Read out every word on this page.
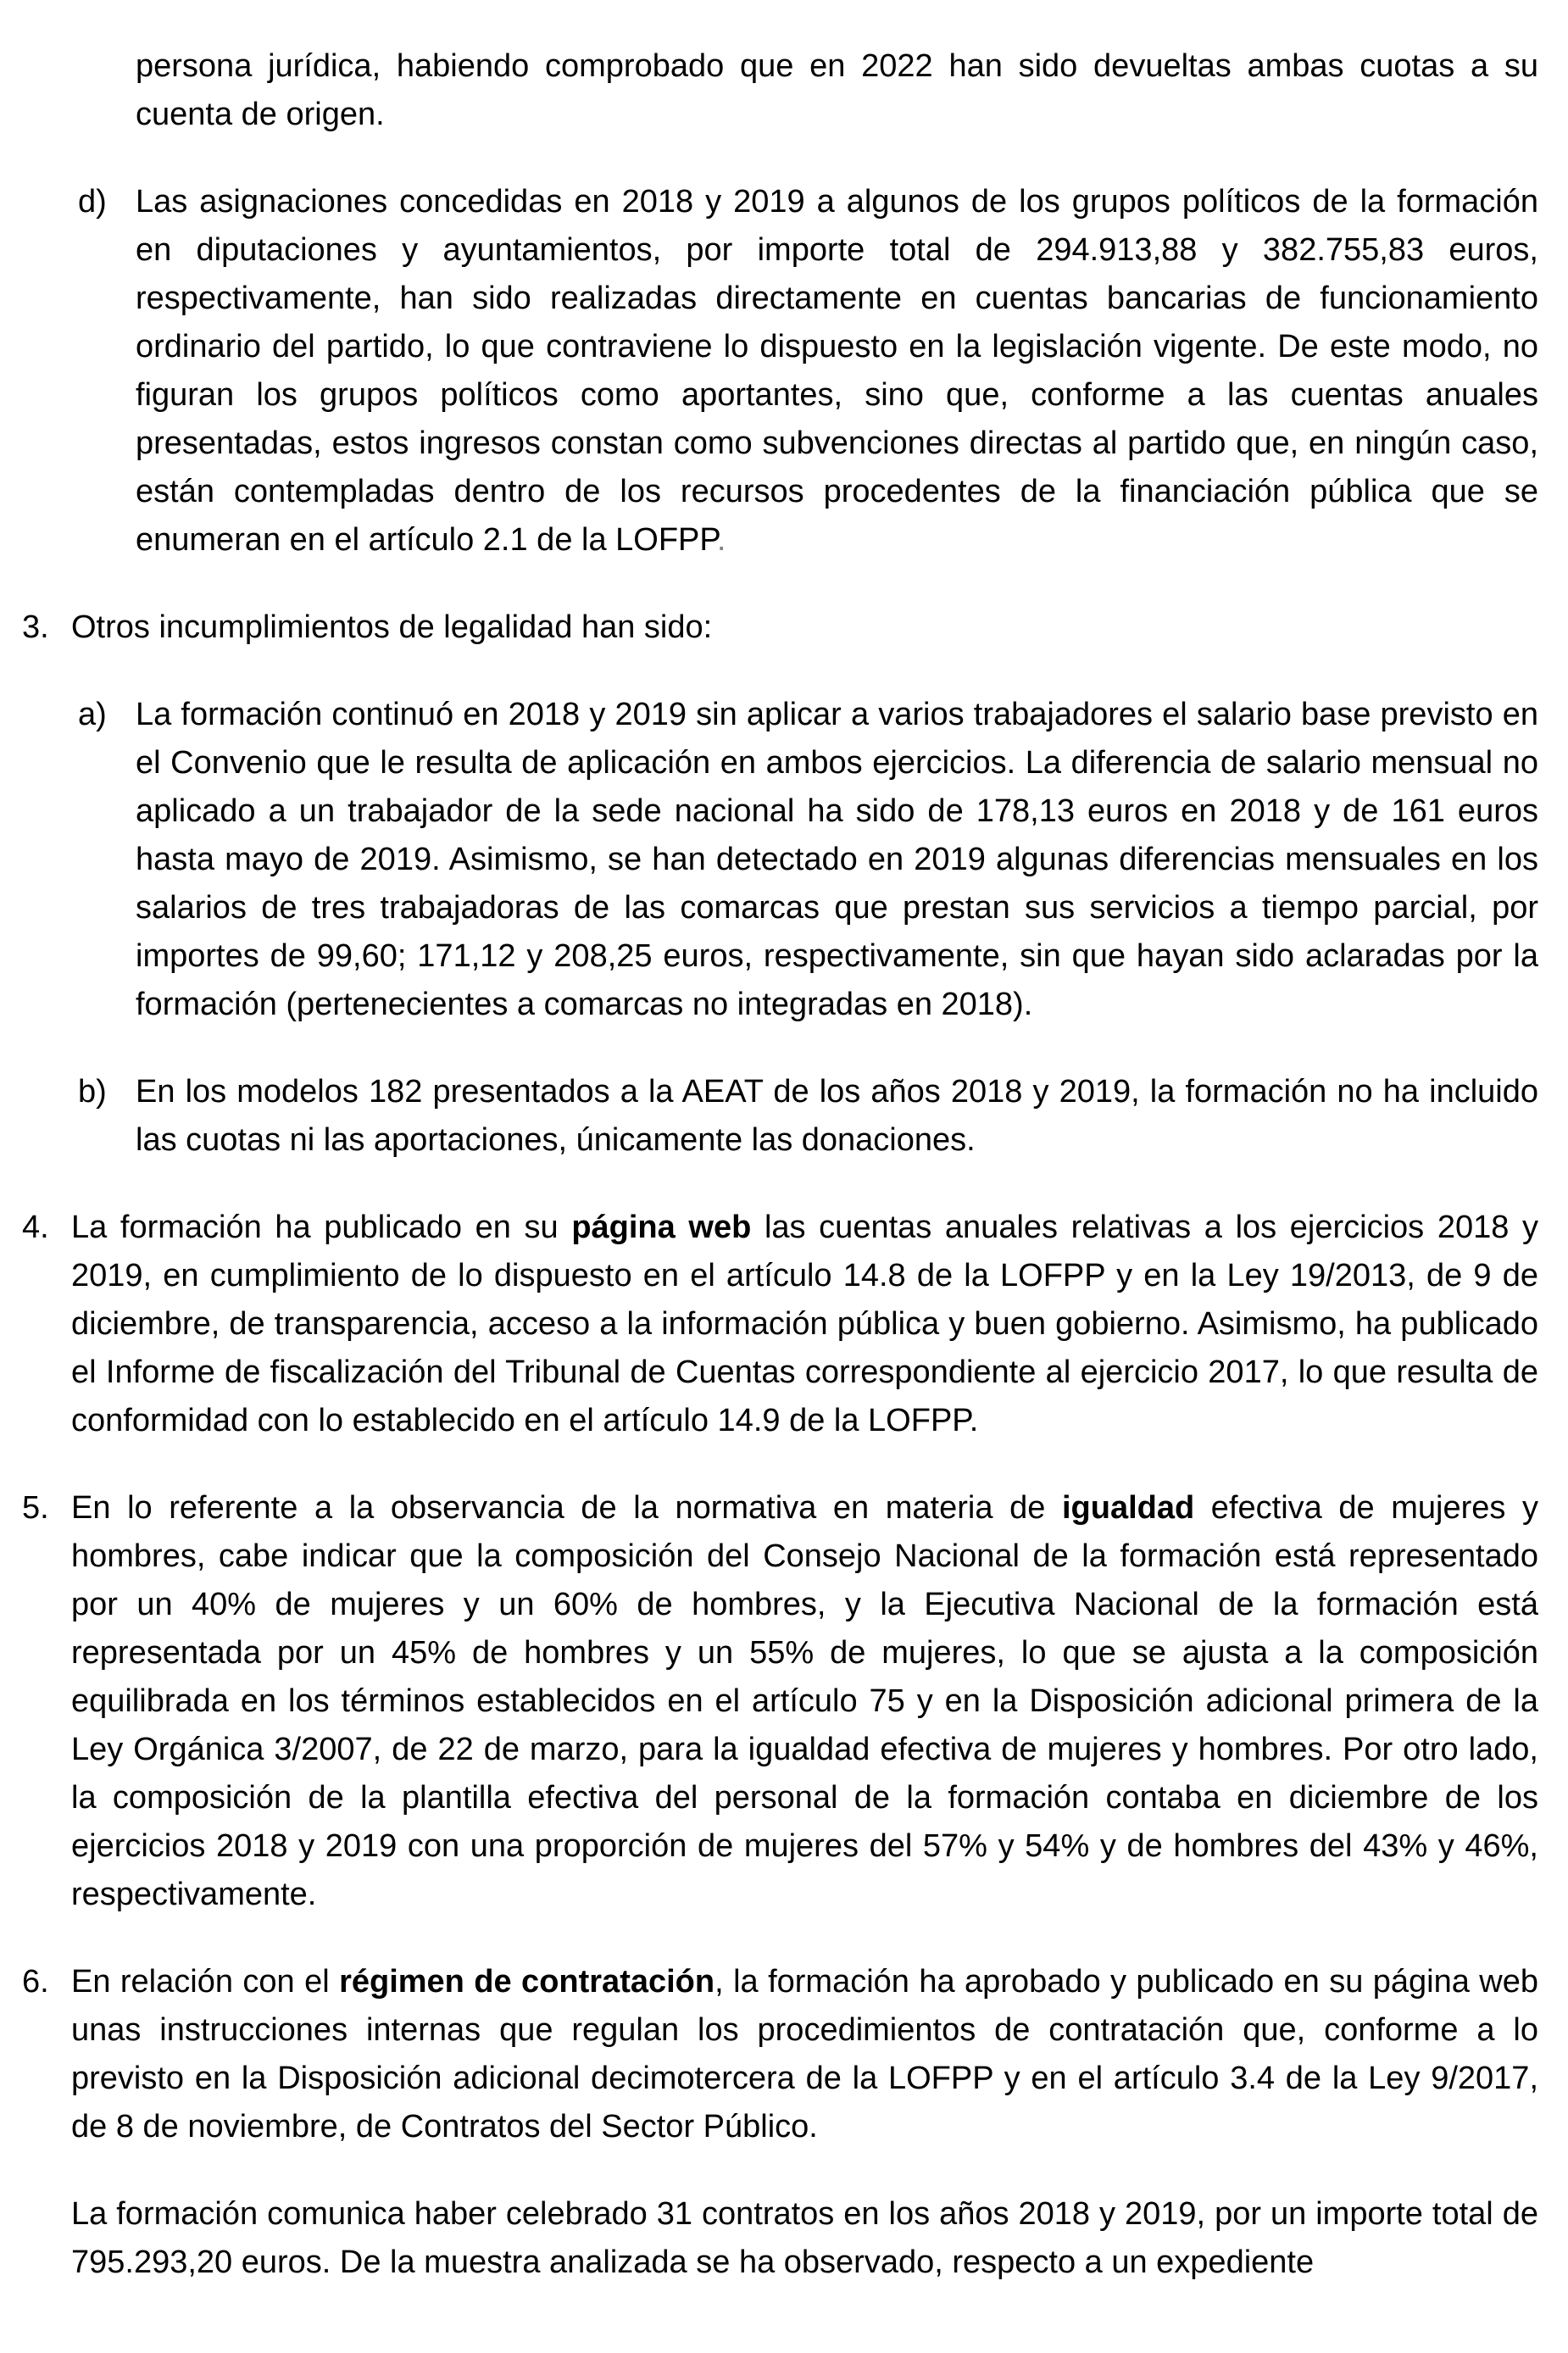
persona jurídica, habiendo comprobado que en 2022 han sido devueltas ambas cuotas a su cuenta de origen.

d) Las asignaciones concedidas en 2018 y 2019 a algunos de los grupos políticos de la formación en diputaciones y ayuntamientos, por importe total de 294.913,88 y 382.755,83 euros, respectivamente, han sido realizadas directamente en cuentas bancarias de funcionamiento ordinario del partido, lo que contraviene lo dispuesto en la legislación vigente. De este modo, no figuran los grupos políticos como aportantes, sino que, conforme a las cuentas anuales presentadas, estos ingresos constan como subvenciones directas al partido que, en ningún caso, están contempladas dentro de los recursos procedentes de la financiación pública que se enumeran en el artículo 2.1 de la LOFPP.

3. Otros incumplimientos de legalidad han sido:

a) La formación continuó en 2018 y 2019 sin aplicar a varios trabajadores el salario base previsto en el Convenio que le resulta de aplicación en ambos ejercicios. La diferencia de salario mensual no aplicado a un trabajador de la sede nacional ha sido de 178,13 euros en 2018 y de 161 euros hasta mayo de 2019. Asimismo, se han detectado en 2019 algunas diferencias mensuales en los salarios de tres trabajadoras de las comarcas que prestan sus servicios a tiempo parcial, por importes de 99,60; 171,12 y 208,25 euros, respectivamente, sin que hayan sido aclaradas por la formación (pertenecientes a comarcas no integradas en 2018).

b) En los modelos 182 presentados a la AEAT de los años 2018 y 2019, la formación no ha incluido las cuotas ni las aportaciones, únicamente las donaciones.

4. La formación ha publicado en su página web las cuentas anuales relativas a los ejercicios 2018 y 2019, en cumplimiento de lo dispuesto en el artículo 14.8 de la LOFPP y en la Ley 19/2013, de 9 de diciembre, de transparencia, acceso a la información pública y buen gobierno. Asimismo, ha publicado el Informe de fiscalización del Tribunal de Cuentas correspondiente al ejercicio 2017, lo que resulta de conformidad con lo establecido en el artículo 14.9 de la LOFPP.

5. En lo referente a la observancia de la normativa en materia de igualdad efectiva de mujeres y hombres, cabe indicar que la composición del Consejo Nacional de la formación está representado por un 40% de mujeres y un 60% de hombres, y la Ejecutiva Nacional de la formación está representada por un 45% de hombres y un 55% de mujeres, lo que se ajusta a la composición equilibrada en los términos establecidos en el artículo 75 y en la Disposición adicional primera de la Ley Orgánica 3/2007, de 22 de marzo, para la igualdad efectiva de mujeres y hombres. Por otro lado, la composición de la plantilla efectiva del personal de la formación contaba en diciembre de los ejercicios 2018 y 2019 con una proporción de mujeres del 57% y 54% y de hombres del 43% y 46%, respectivamente.

6. En relación con el régimen de contratación, la formación ha aprobado y publicado en su página web unas instrucciones internas que regulan los procedimientos de contratación que, conforme a lo previsto en la Disposición adicional decimotercera de la LOFPP y en el artículo 3.4 de la Ley 9/2017, de 8 de noviembre, de Contratos del Sector Público.

La formación comunica haber celebrado 31 contratos en los años 2018 y 2019, por un importe total de 795.293,20 euros. De la muestra analizada se ha observado, respecto a un expediente
